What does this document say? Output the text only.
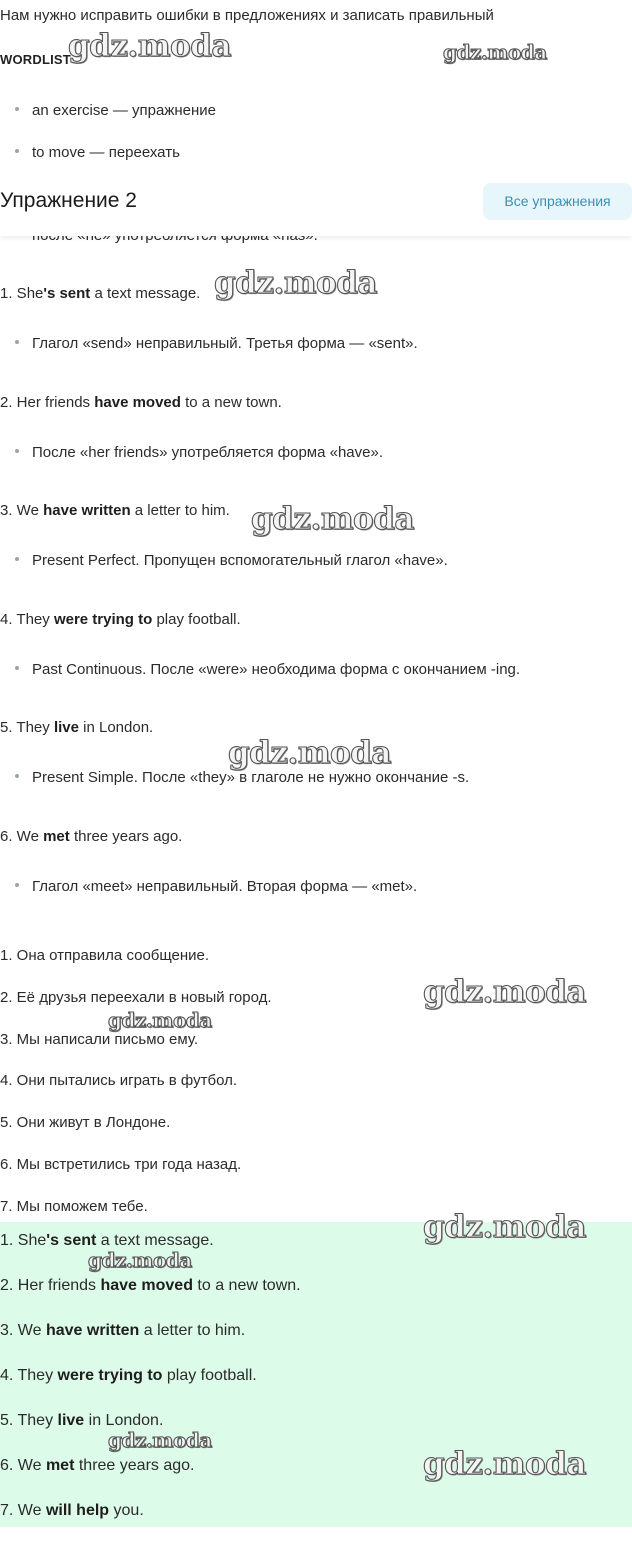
Нам нужно исправить ошибки в предложениях и записать правильный
WORDLIST
an exercise — упражнение
to move — переехать
Упражнение 2	Все упражнения
1. She's sent a text message.
Глагол «send» неправильный. Третья форма — «sent».
2. Her friends have moved to a new town.
После «her friends» употребляется форма «have».
3. We have written a letter to him.
Present Perfect. Пропущен вспомогательный глагол «have».
4. They were trying to play football.
Past Continuous. После «were» необходима форма с окончанием -ing.
5. They live in London.
Present Simple. После «they» в глаголе не нужно окончание -s.
6. We met three years ago.
Глагол «meet» неправильный. Вторая форма — «met».
1. Она отправила сообщение.
2. Её друзья переехали в новый город.
3. Мы написали письмо ему.
4. Они пытались играть в футбол.
5. Они живут в Лондоне.
6. Мы встретились три года назад.
7. Мы поможем тебе.
1. She's sent a text message.
2. Her friends have moved to a new town.
3. We have written a letter to him.
4. They were trying to play football.
5. They live in London.
6. We met three years ago.
7. We will help you.
gdz.moda	gdz.moda
gdz.moda
gdz.moda
gdz.moda
gdz.moda
gdz.moda
gdz.moda
gdz.moda
gdz.moda
gdz.moda
